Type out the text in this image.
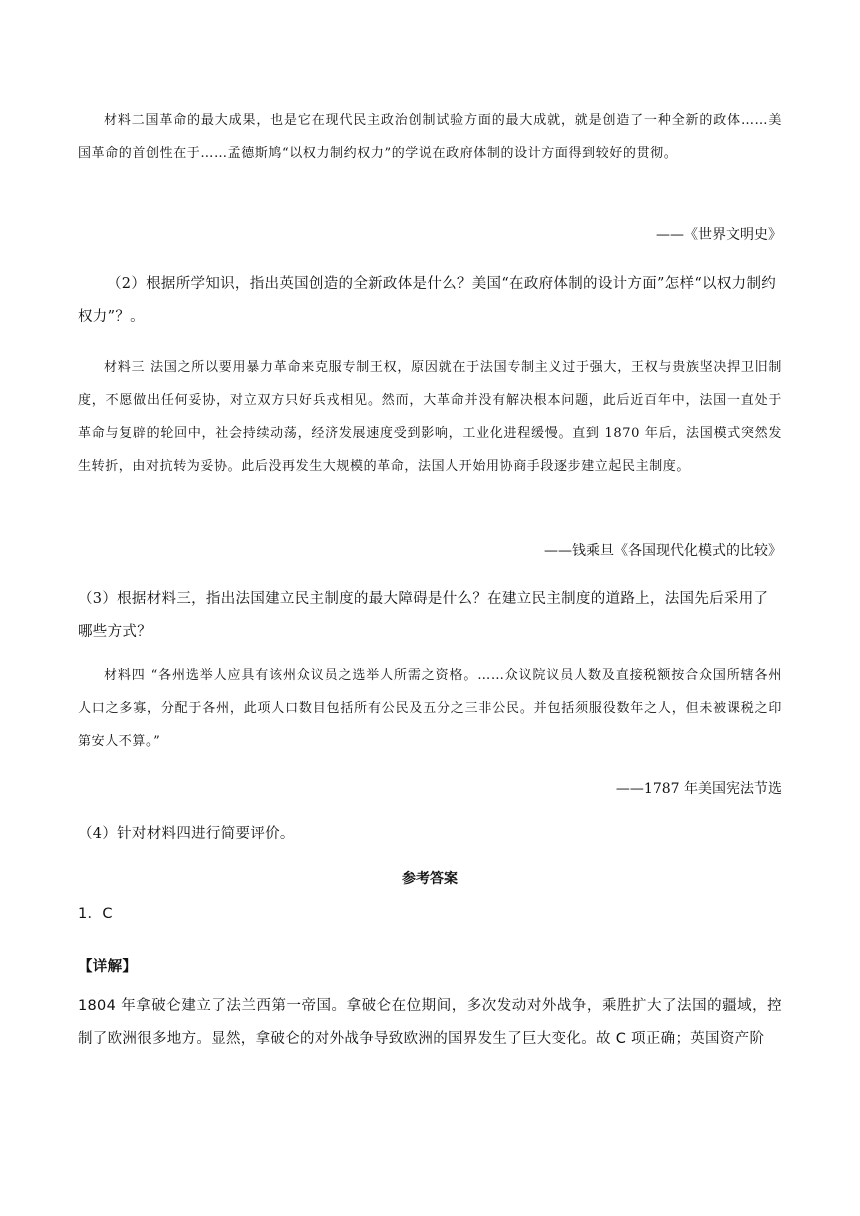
材料二国革命的最大成果，也是它在现代民主政治创制试验方面的最大成就，就是创造了一种全新的政体……美国革命的首创性在于……孟德斯鸠“以权力制约权力”的学说在政府体制的设计方面得到较好的贯彻。

——《世界文明史》

（2）根据所学知识，指出英国创造的全新政体是什么？美国“在政府体制的设计方面”怎样“以权力制约权力”？。

材料三 法国之所以要用暴力革命来克服专制王权，原因就在于法国专制主义过于强大，王权与贵族坚决捍卫旧制度，不愿做出任何妥协，对立双方只好兵戎相见。然而，大革命并没有解决根本问题，此后近百年中，法国一直处于革命与复辟的轮回中，社会持续动荡，经济发展速度受到影响，工业化进程缓慢。直到 1870 年后，法国模式突然发生转折，由对抗转为妥协。此后没再发生大规模的革命，法国人开始用协商手段逐步建立起民主制度。

——钱乘旦《各国现代化模式的比较》

（3）根据材料三，指出法国建立民主制度的最大障碍是什么？在建立民主制度的道路上，法国先后采用了哪些方式？

材料四 “各州选举人应具有该州众议员之选举人所需之资格。……众议院议员人数及直接税额按合众国所辖各州人口之多寡，分配于各州，此项人口数目包括所有公民及五分之三非公民。并包括须服役数年之人，但未被课税之印第安人不算。”

——1787 年美国宪法节选

（4）针对材料四进行简要评价。

参考答案
1．C
【详解】

1804 年拿破仑建立了法兰西第一帝国。拿破仑在位期间，多次发动对外战争，乘胜扩大了法国的疆域，控制了欧洲很多地方。显然，拿破仑的对外战争导致欧洲的国界发生了巨大变化。故 C 项正确；英国资产阶
